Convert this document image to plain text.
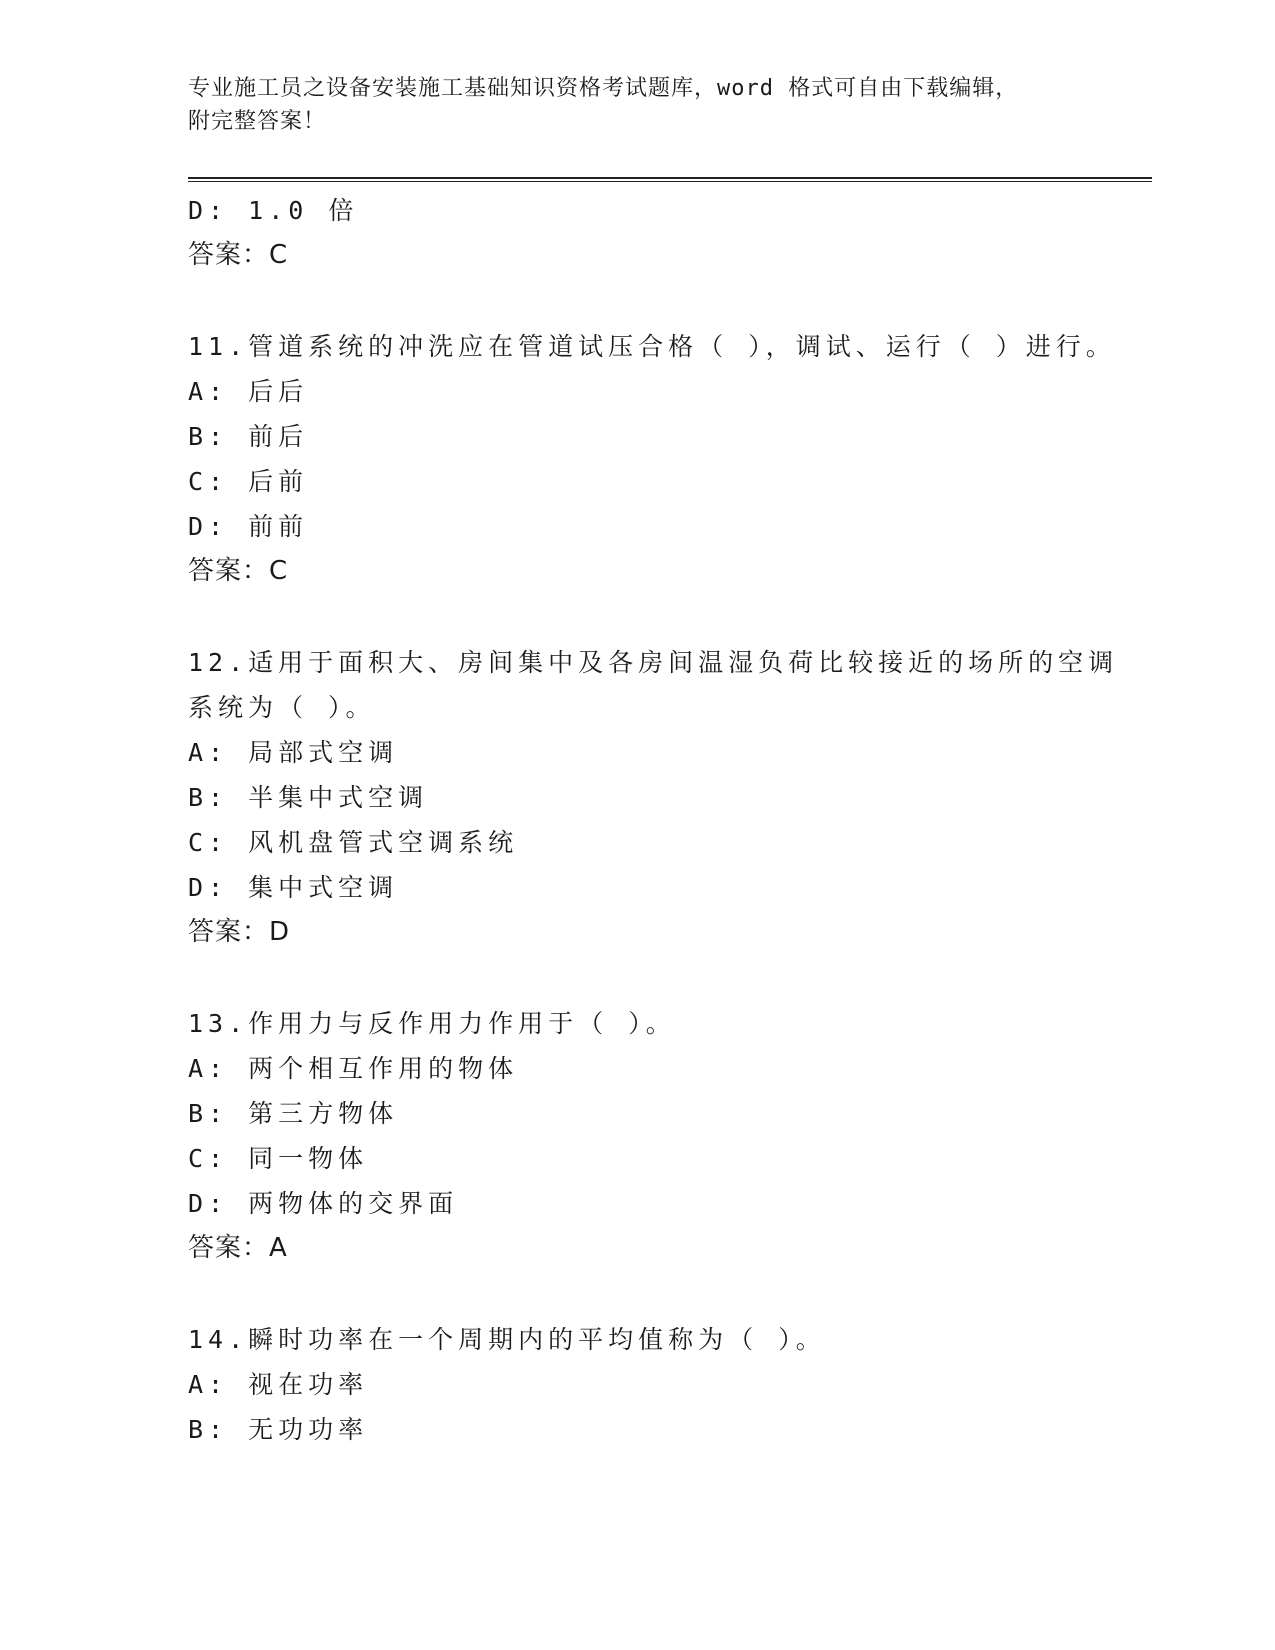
专业施工员之设备安装施工基础知识资格考试题库，word 格式可自由下载编辑，
附完整答案！
D: 1.0 倍
答案：C
11.管道系统的冲洗应在管道试压合格（ ），调试、运行（ ）进行。
A: 后后
B: 前后
C: 后前
D: 前前
答案：C
12.适用于面积大、房间集中及各房间温湿负荷比较接近的场所的空调
系统为（ ）。
A: 局部式空调
B: 半集中式空调
C: 风机盘管式空调系统
D: 集中式空调
答案：D
13.作用力与反作用力作用于（ ）。
A: 两个相互作用的物体
B: 第三方物体
C: 同一物体
D: 两物体的交界面
答案：A
14.瞬时功率在一个周期内的平均值称为（ ）。
A: 视在功率
B: 无功功率
